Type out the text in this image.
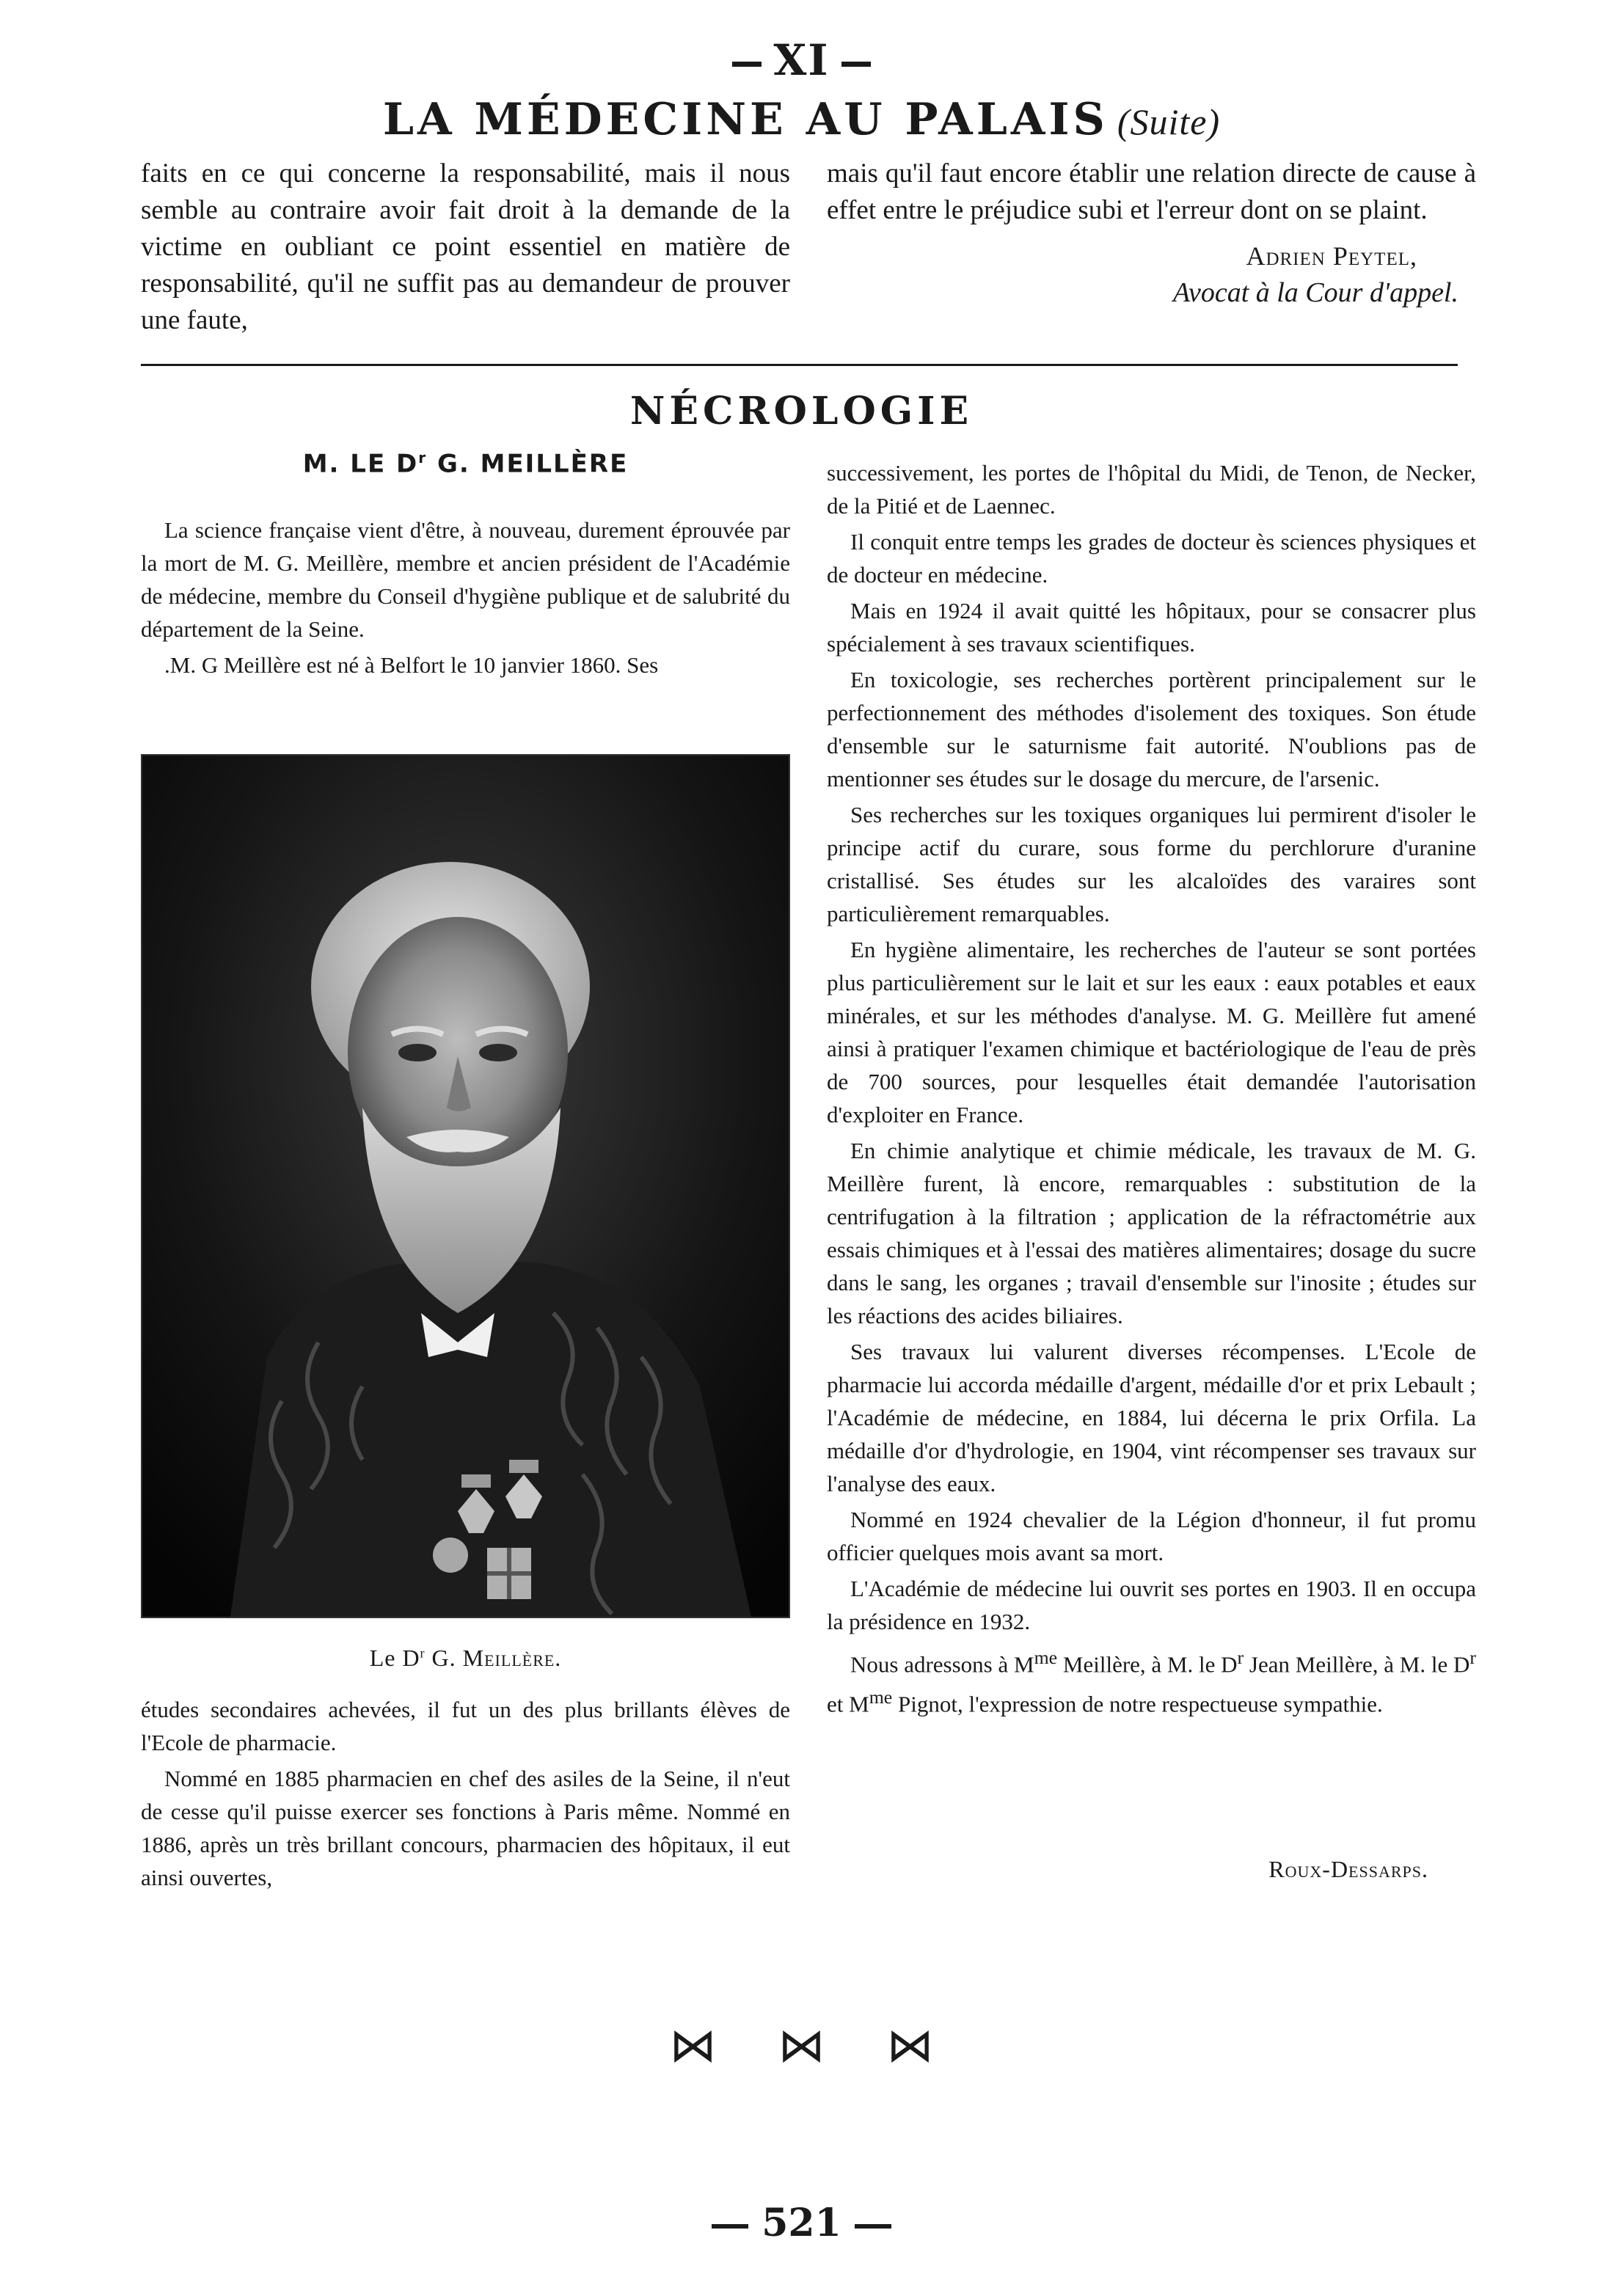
XI
LA MÉDECINE AU PALAIS (Suite)

faits en ce qui concerne la responsabilité, mais il nous semble au contraire avoir fait droit à la demande de la victime en oubliant ce point essentiel en matière de responsabilité, qu'il ne suffit pas au demandeur de prouver une faute,

mais qu'il faut encore établir une relation directe de cause à effet entre le préjudice subi et l'erreur dont on se plaint.

Adrien Peytel,

Avocat à la Cour d'appel.

NÉCROLOGIE
M. LE $D^r$ G. MEILLÈRE

La science française vient d'être, à nouveau, durement éprouvée par la mort de M. G. Meillère, membre et ancien président de l'Académie de médecine, membre du Conseil d'hygiène publique et de salubrité du département de la Seine.

.M. G Meillère est né à Belfort le 10 janvier 1860. Ses

Le $D^r$ G. Meillère.

études secondaires achevées, il fut un des plus brillants élèves de l'Ecole de pharmacie.

Nommé en 1885 pharmacien en chef des asiles de la Seine, il n'eut de cesse qu'il puisse exercer ses fonctions à Paris même. Nommé en 1886, après un très brillant concours, pharmacien des hôpitaux, il eut ainsi ouvertes,

successivement, les portes de l'hôpital du Midi, de Tenon, de Necker, de la Pitié et de Laennec.

Il conquit entre temps les grades de docteur ès sciences physiques et de docteur en médecine.

Mais en 1924 il avait quitté les hôpitaux, pour se consacrer plus spécialement à ses travaux scientifiques.

En toxicologie, ses recherches portèrent principalement sur le perfectionnement des méthodes d'isolement des toxiques. Son étude d'ensemble sur le saturnisme fait autorité. N'oublions pas de mentionner ses études sur le dosage du mercure, de l'arsenic.

Ses recherches sur les toxiques organiques lui permirent d'isoler le principe actif du curare, sous forme du perchlorure d'uranine cristallisé. Ses études sur les alcaloïdes des varaires sont particulièrement remarquables.

En hygiène alimentaire, les recherches de l'auteur se sont portées plus particulièrement sur le lait et sur les eaux : eaux potables et eaux minérales, et sur les méthodes d'analyse. M. G. Meillère fut amené ainsi à pratiquer l'examen chimique et bactériologique de l'eau de près de 700 sources, pour lesquelles était demandée l'autorisation d'exploiter en France.

En chimie analytique et chimie médicale, les travaux de M. G. Meillère furent, là encore, remarquables : substitution de la centrifugation à la filtration ; application de la réfractométrie aux essais chimiques et à l'essai des matières alimentaires; dosage du sucre dans le sang, les organes ; travail d'ensemble sur l'inosite ; études sur les réactions des acides biliaires.

Ses travaux lui valurent diverses récompenses. L'Ecole de pharmacie lui accorda médaille d'argent, médaille d'or et prix Lebault ; l'Académie de médecine, en 1884, lui décerna le prix Orfila. La médaille d'or d'hydrologie, en 1904, vint récompenser ses travaux sur l'analyse des eaux.

Nommé en 1924 chevalier de la Légion d'honneur, il fut promu officier quelques mois avant sa mort.

L'Académie de médecine lui ouvrit ses portes en 1903. Il en occupa la présidence en 1932.

Nous adressons à $M^{me}$ Meillère, à M. le $D^r$ Jean Meillère, à M. le $D^r$ et $M^{me}$ Pignot, l'expression de notre respectueuse sympathie.

Roux-Dessarps.
⋈ ⋈ ⋈
521
